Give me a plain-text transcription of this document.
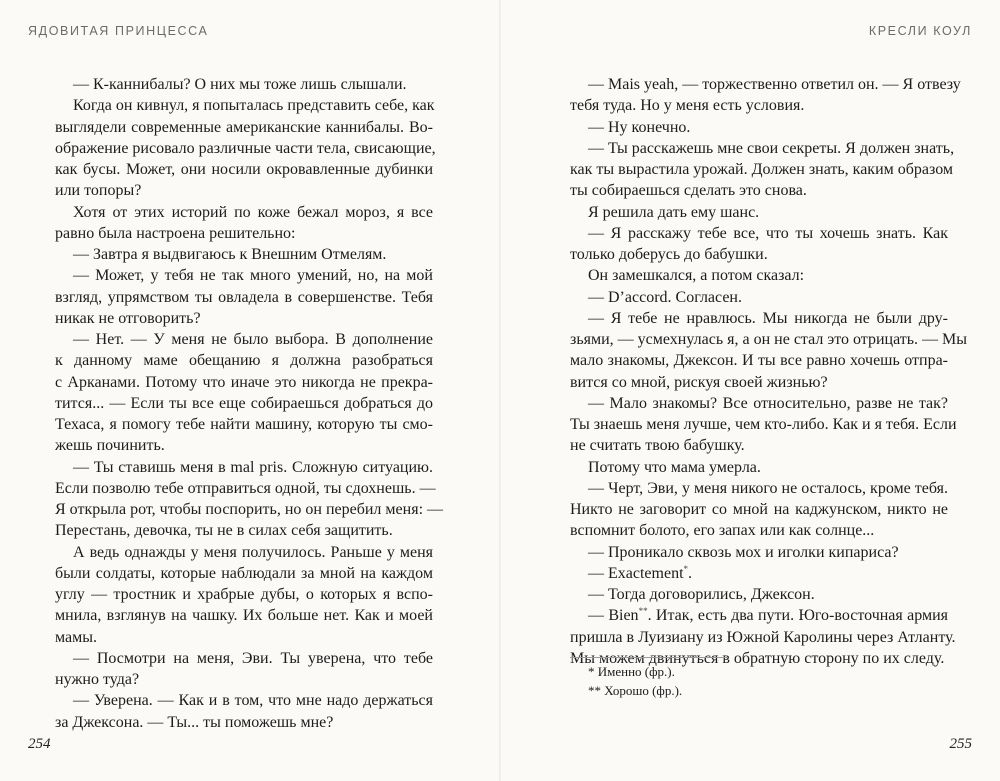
ЯДОВИТАЯ ПРИНЦЕССА
— К-каннибалы? О них мы тоже лишь слышали.
Когда он кивнул, я попыталась представить себе, как
выглядели современные американские каннибалы. Во-
ображение рисовало различные части тела, свисающие,
как бусы. Может, они носили окровавленные дубинки
или топоры?
Хотя от этих историй по коже бежал мороз, я все
равно была настроена решительно:
— Завтра я выдвигаюсь к Внешним Отмелям.
— Может, у тебя не так много умений, но, на мой
взгляд, упрямством ты овладела в совершенстве. Тебя
никак не отговорить?
— Нет. — У меня не было выбора. В дополнение
к данному маме обещанию я должна разобраться
с Арканами. Потому что иначе это никогда не прекра-
тится... — Если ты все еще собираешься добраться до
Техаса, я помогу тебе найти машину, которую ты смо-
жешь починить.
— Ты ставишь меня в mal pris. Сложную ситуацию.
Если позволю тебе отправиться одной, ты сдохнешь. —
Я открыла рот, чтобы поспорить, но он перебил меня: —
Перестань, девочка, ты не в силах себя защитить.
А ведь однажды у меня получилось. Раньше у меня
были солдаты, которые наблюдали за мной на каждом
углу — тростник и храбрые дубы, о которых я вспо-
мнила, взглянув на чашку. Их больше нет. Как и моей
мамы.
— Посмотри на меня, Эви. Ты уверена, что тебе
нужно туда?
— Уверена. — Как и в том, что мне надо держаться
за Джексона. — Ты... ты поможешь мне?
254
КРЕСЛИ КОУЛ
— Mais yeah, — торжественно ответил он. — Я отвезу
тебя туда. Но у меня есть условия.
— Ну конечно.
— Ты расскажешь мне свои секреты. Я должен знать,
как ты вырастила урожай. Должен знать, каким образом
ты собираешься сделать это снова.
Я решила дать ему шанс.
— Я расскажу тебе все, что ты хочешь знать. Как
только доберусь до бабушки.
Он замешкался, а потом сказал:
— D’accord. Согласен.
— Я тебе не нравлюсь. Мы никогда не были дру-
зьями, — усмехнулась я, а он не стал это отрицать. — Мы
мало знакомы, Джексон. И ты все равно хочешь отпра-
вится со мной, рискуя своей жизнью?
— Мало знакомы? Все относительно, разве не так?
Ты знаешь меня лучше, чем кто-либо. Как и я тебя. Если
не считать твою бабушку.
Потому что мама умерла.
— Черт, Эви, у меня никого не осталось, кроме тебя.
Никто не заговорит со мной на каджунском, никто не
вспомнит болото, его запах или как солнце...
— Проникало сквозь мох и иголки кипариса?
— Exactement*.
— Тогда договорились, Джексон.
— Bien**. Итак, есть два пути. Юго-восточная армия
пришла в Луизиану из Южной Каролины через Атланту.
Мы можем двинуться в обратную сторону по их следу.
* Именно (фр.).
** Хорошо (фр.).
255
